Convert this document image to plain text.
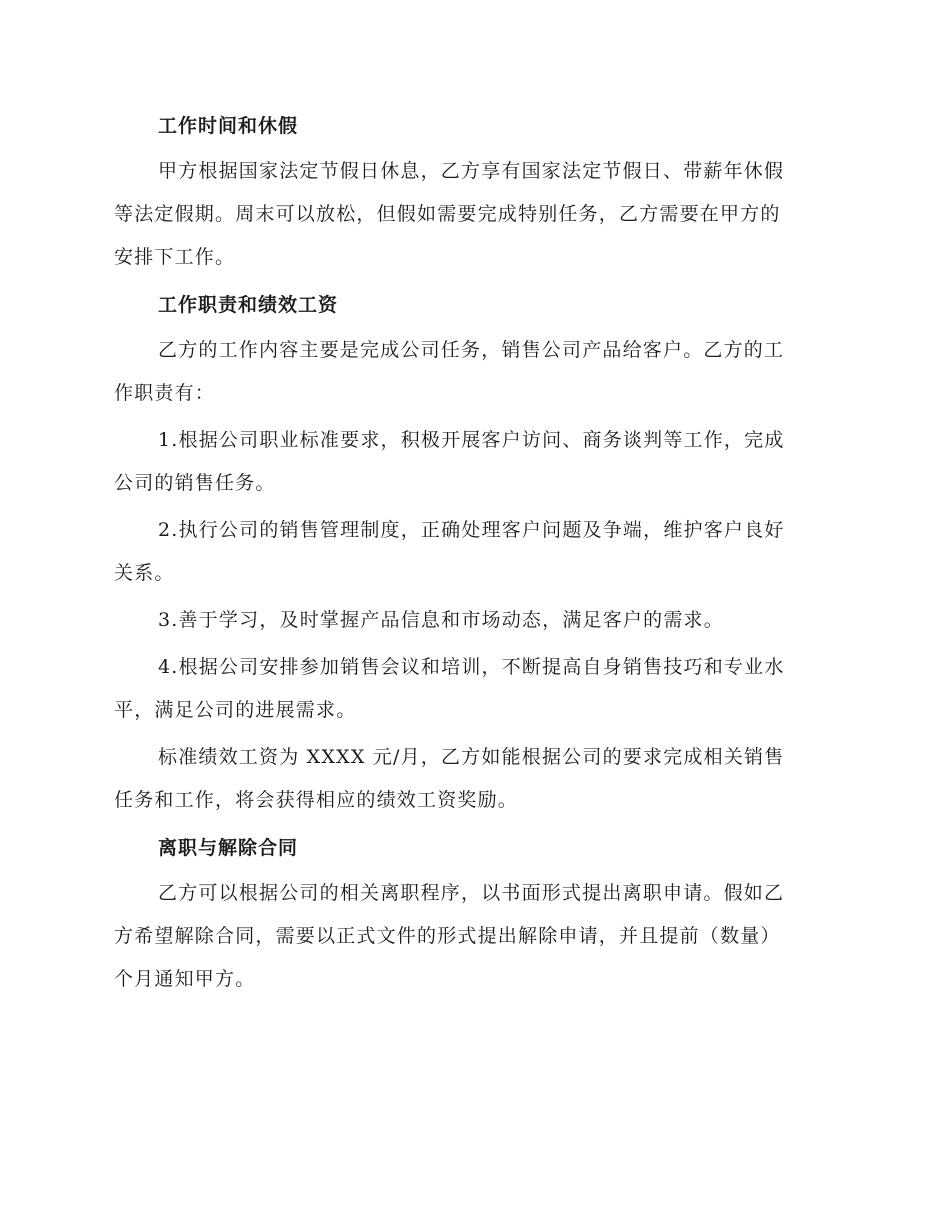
工作时间和休假
甲方根据国家法定节假日休息，乙方享有国家法定节假日、带薪年休假
等法定假期。周末可以放松，但假如需要完成特别任务，乙方需要在甲方的
安排下工作。
工作职责和绩效工资
乙方的工作内容主要是完成公司任务，销售公司产品给客户。乙方的工
作职责有：
1.根据公司职业标准要求，积极开展客户访问、商务谈判等工作，完成
公司的销售任务。
2.执行公司的销售管理制度，正确处理客户问题及争端，维护客户良好
关系。
3.善于学习，及时掌握产品信息和市场动态，满足客户的需求。
4.根据公司安排参加销售会议和培训，不断提高自身销售技巧和专业水
平，满足公司的进展需求。
标准绩效工资为 XXXX 元/月，乙方如能根据公司的要求完成相关销售
任务和工作，将会获得相应的绩效工资奖励。
离职与解除合同
乙方可以根据公司的相关离职程序，以书面形式提出离职申请。假如乙
方希望解除合同，需要以正式文件的形式提出解除申请，并且提前（数量）
个月通知甲方。
